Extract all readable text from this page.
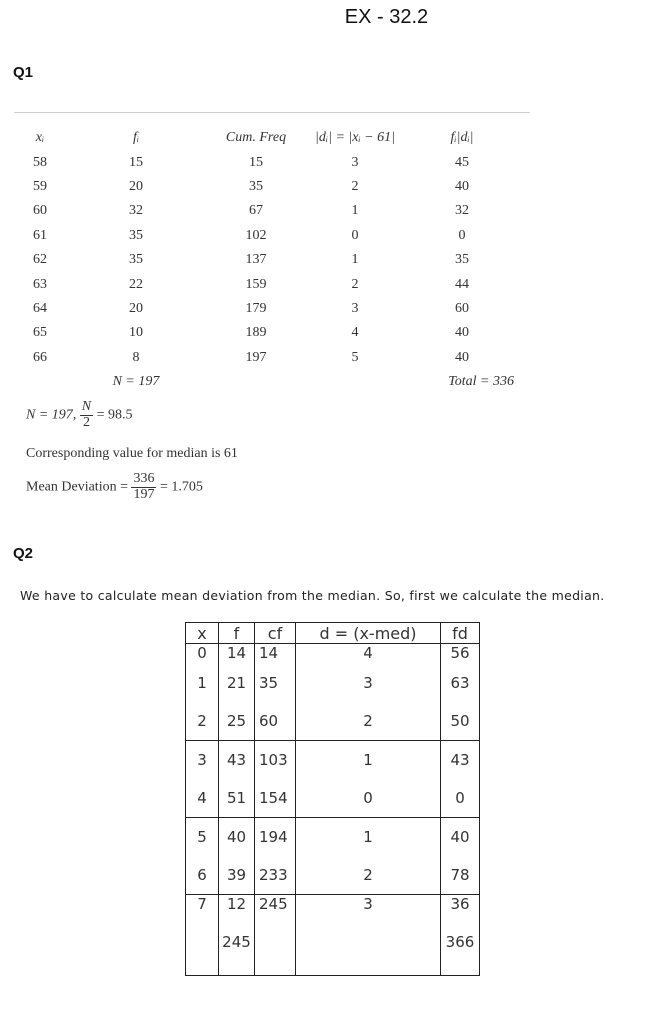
EX - 32.2
Q1
xᵢ	fᵢ	Cum. Freq	|dᵢ| = |xᵢ − 61|	fᵢ|dᵢ|
58	15	15	3	45
59	20	35	2	40
60	32	67	1	32
61	35	102	0	0
62	35	137	1	35
63	22	159	2	44
64	20	179	3	60
65	10	189	4	40
66	8	197	5	40
	N = 197			Total = 336
N = 197, $\frac{N}{2} = 98.5$
Corresponding value for median is 61
Mean Deviation = $\frac{336}{197} = 1.705$
Q2
We have to calculate mean deviation from the median. So, first we calculate the median.
x	f	cf	d = (x-med)	fd
0	14	14	4	56
1	21	35	3	63
2	25	60	2	50
3	43	103	1	43
4	51	154	0	0
5	40	194	1	40
6	39	233	2	78
7	12	245	3	36
	245			366
